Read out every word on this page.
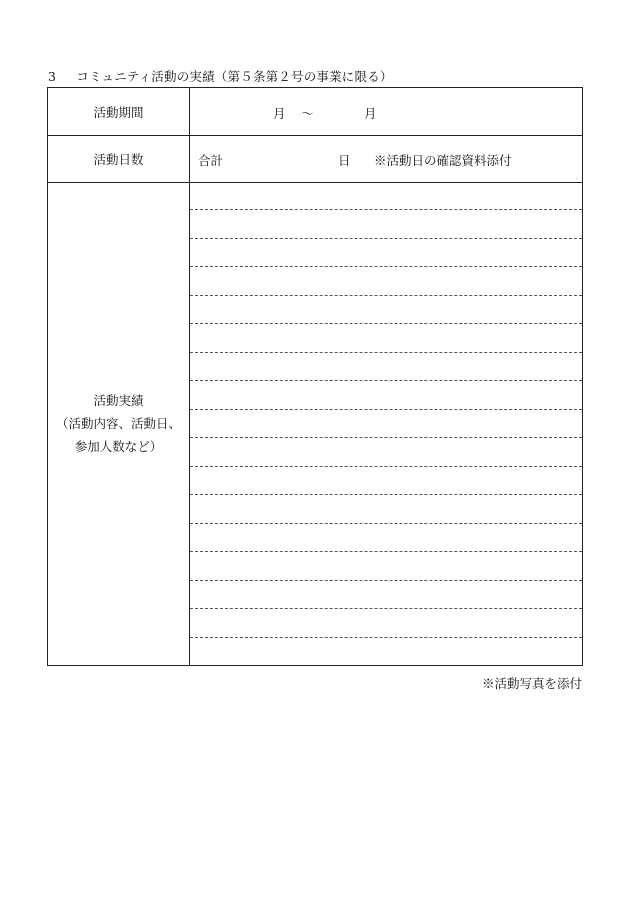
3 コミュニティ活動の実績（第５条第２号の事業に限る）
活動期間	月 ～	月
活動日数	合計	日 ※活動日の確認資料添付
活動実績
（活動内容、活動日、
参加人数など）
※活動写真を添付
